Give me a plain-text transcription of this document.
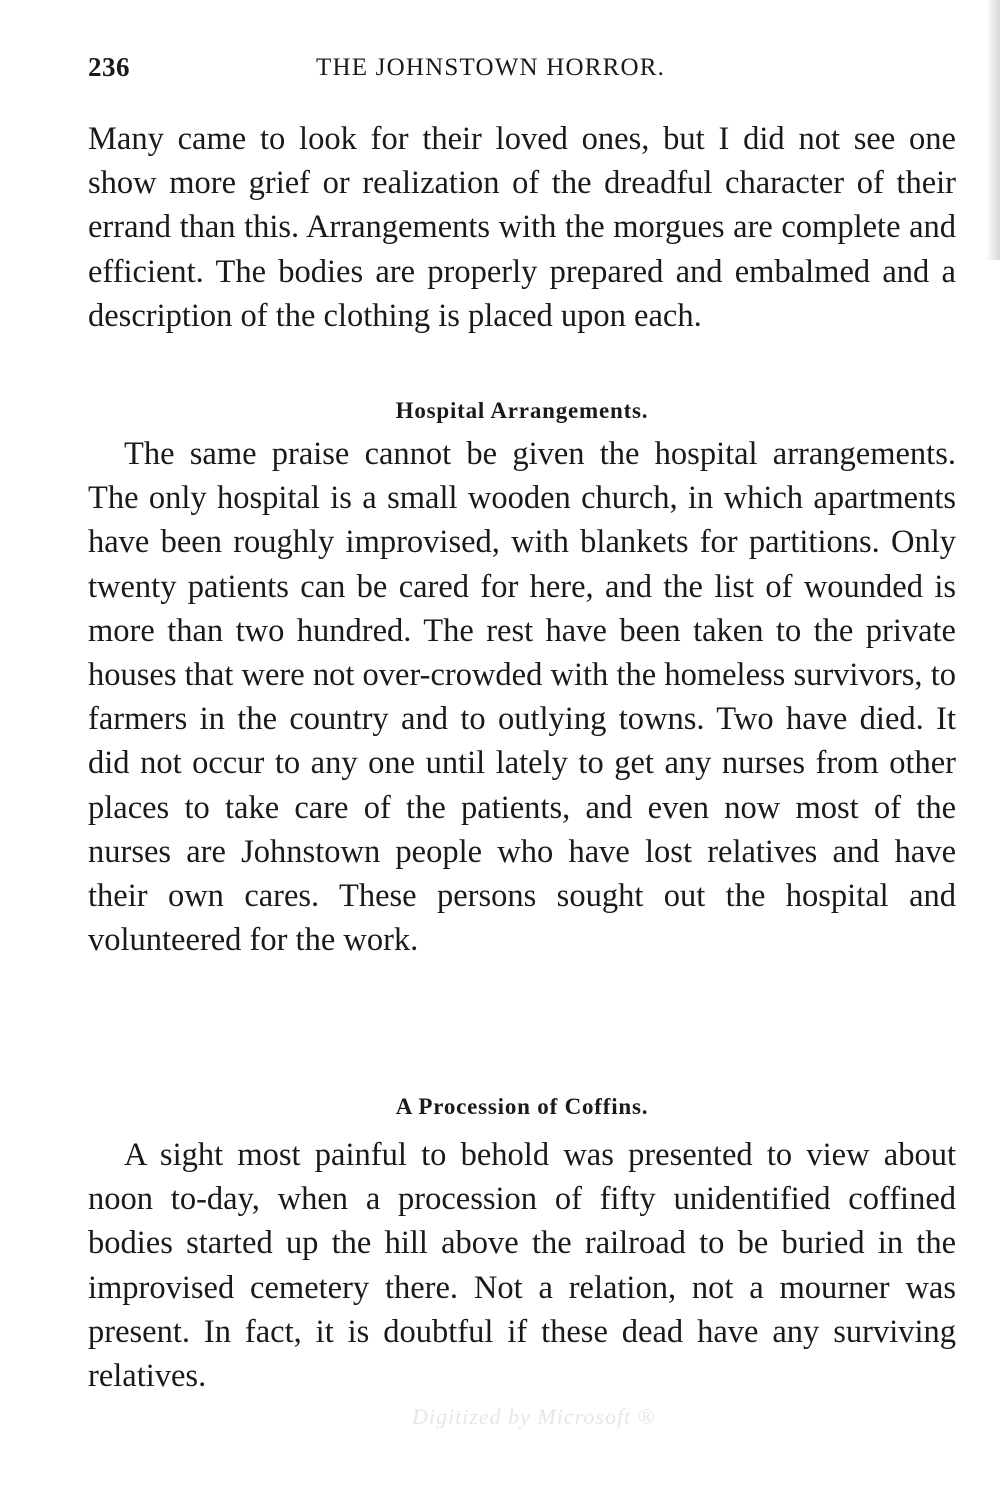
236	THE JOHNSTOWN HORROR.

Many came to look for their loved ones, but I did not see one show more grief or realization of the dreadful character of their errand than this. Arrangements with the morgues are complete and efficient. The bodies are properly prepared and embalmed and a description of the clothing is placed upon each.

Hospital Arrangements.

The same praise cannot be given the hospital arrangements. The only hospital is a small wooden church, in which apartments have been roughly improvised, with blankets for partitions. Only twenty patients can be cared for here, and the list of wounded is more than two hundred. The rest have been taken to the private houses that were not over-crowded with the homeless survivors, to farmers in the country and to outlying towns. Two have died. It did not occur to any one until lately to get any nurses from other places to take care of the patients, and even now most of the nurses are Johnstown people who have lost relatives and have their own cares. These persons sought out the hospital and volunteered for the work.

A Procession of Coffins.

A sight most painful to behold was presented to view about noon to-day, when a procession of fifty unidentified coffined bodies started up the hill above the railroad to be buried in the improvised cemetery there. Not a relation, not a mourner was present. In fact, it is doubtful if these dead have any surviving relatives.

Digitized by Microsoft ®
